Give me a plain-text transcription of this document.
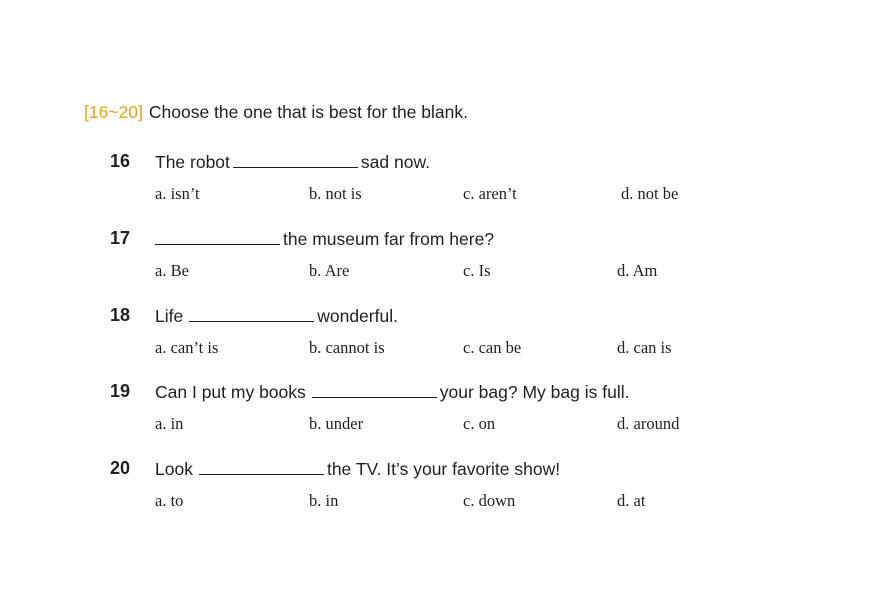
[16~20] Choose the one that is best for the blank.
16 The robot	sad now.
a. isn’t	b. not is	c. aren’t	d. not be
17	the museum far from here?
a. Be	b. Are	c. Is	d. Am
18 Life	wonderful.
a. can’t is	b. cannot is	c. can be	d. can is
19 Can I put my books	your bag? My bag is full.
a. in	b. under	c. on	d. around
20 Look	the TV. It’s your favorite show!
a. to	b. in	c. down	d. at
